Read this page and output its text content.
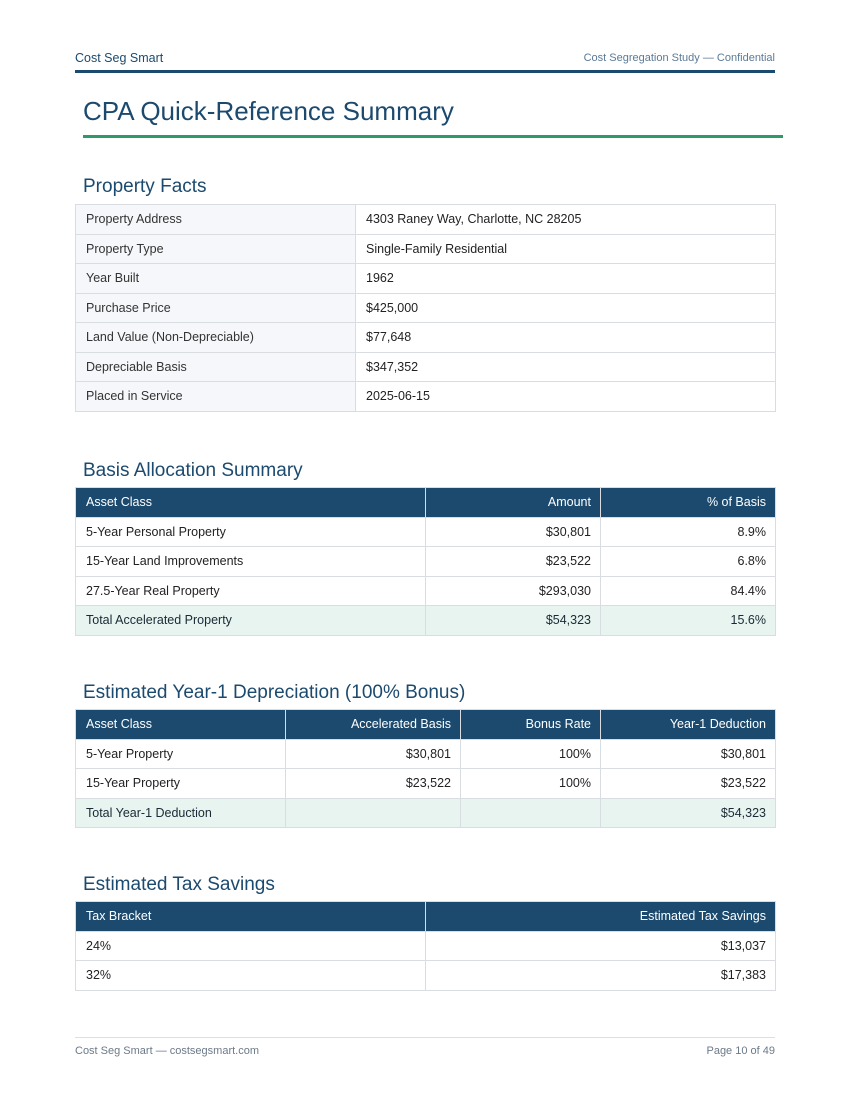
Cost Seg Smart	Cost Segregation Study — Confidential
CPA Quick-Reference Summary
Property Facts
Property Address	4303 Raney Way, Charlotte, NC 28205
Property Type	Single-Family Residential
Year Built	1962
Purchase Price	$425,000
Land Value (Non-Depreciable)	$77,648
Depreciable Basis	$347,352
Placed in Service	2025-06-15
Basis Allocation Summary
Asset Class	Amount	% of Basis
5-Year Personal Property	$30,801	8.9%
15-Year Land Improvements	$23,522	6.8%
27.5-Year Real Property	$293,030	84.4%
Total Accelerated Property	$54,323	15.6%
Estimated Year-1 Depreciation (100% Bonus)
Asset Class	Accelerated Basis	Bonus Rate	Year-1 Deduction
5-Year Property	$30,801	100%	$30,801
15-Year Property	$23,522	100%	$23,522
Total Year-1 Deduction			$54,323
Estimated Tax Savings
Tax Bracket	Estimated Tax Savings
24%	$13,037
32%	$17,383
Cost Seg Smart — costsegsmart.com	Page 10 of 49
